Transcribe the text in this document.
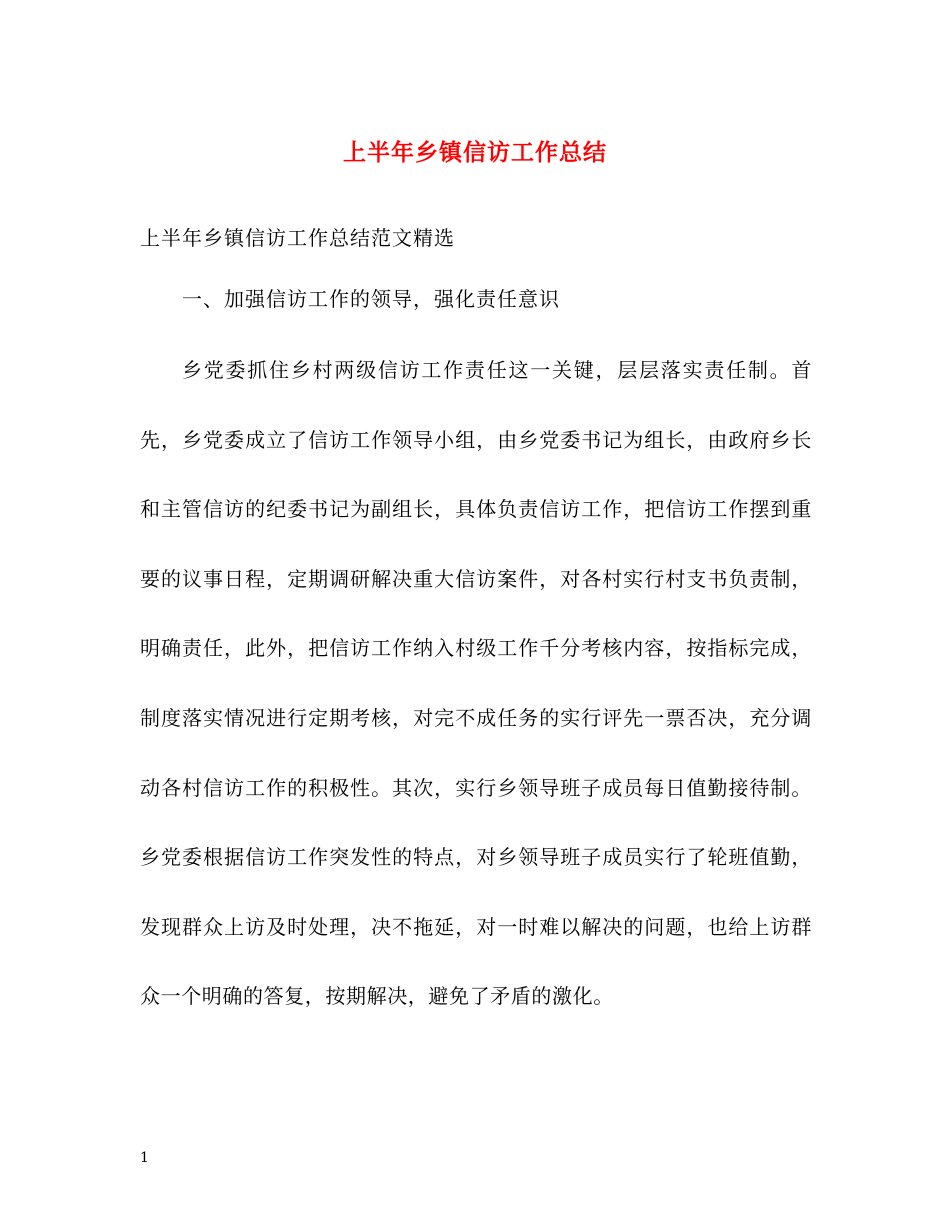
上半年乡镇信访工作总结
上半年乡镇信访工作总结范文精选
一、加强信访工作的领导，强化责任意识

乡党委抓住乡村两级信访工作责任这一关键，层层落实责任制。首先，乡党委成立了信访工作领导小组，由乡党委书记为组长，由政府乡长和主管信访的纪委书记为副组长，具体负责信访工作，把信访工作摆到重要的议事日程，定期调研解决重大信访案件，对各村实行村支书负责制，明确责任，此外，把信访工作纳入村级工作千分考核内容，按指标完成，制度落实情况进行定期考核，对完不成任务的实行评先一票否决，充分调动各村信访工作的积极性。其次，实行乡领导班子成员每日值勤接待制。乡党委根据信访工作突发性的特点，对乡领导班子成员实行了轮班值勤，发现群众上访及时处理，决不拖延，对一时难以解决的问题，也给上访群众一个明确的答复，按期解决，避免了矛盾的激化。

1
